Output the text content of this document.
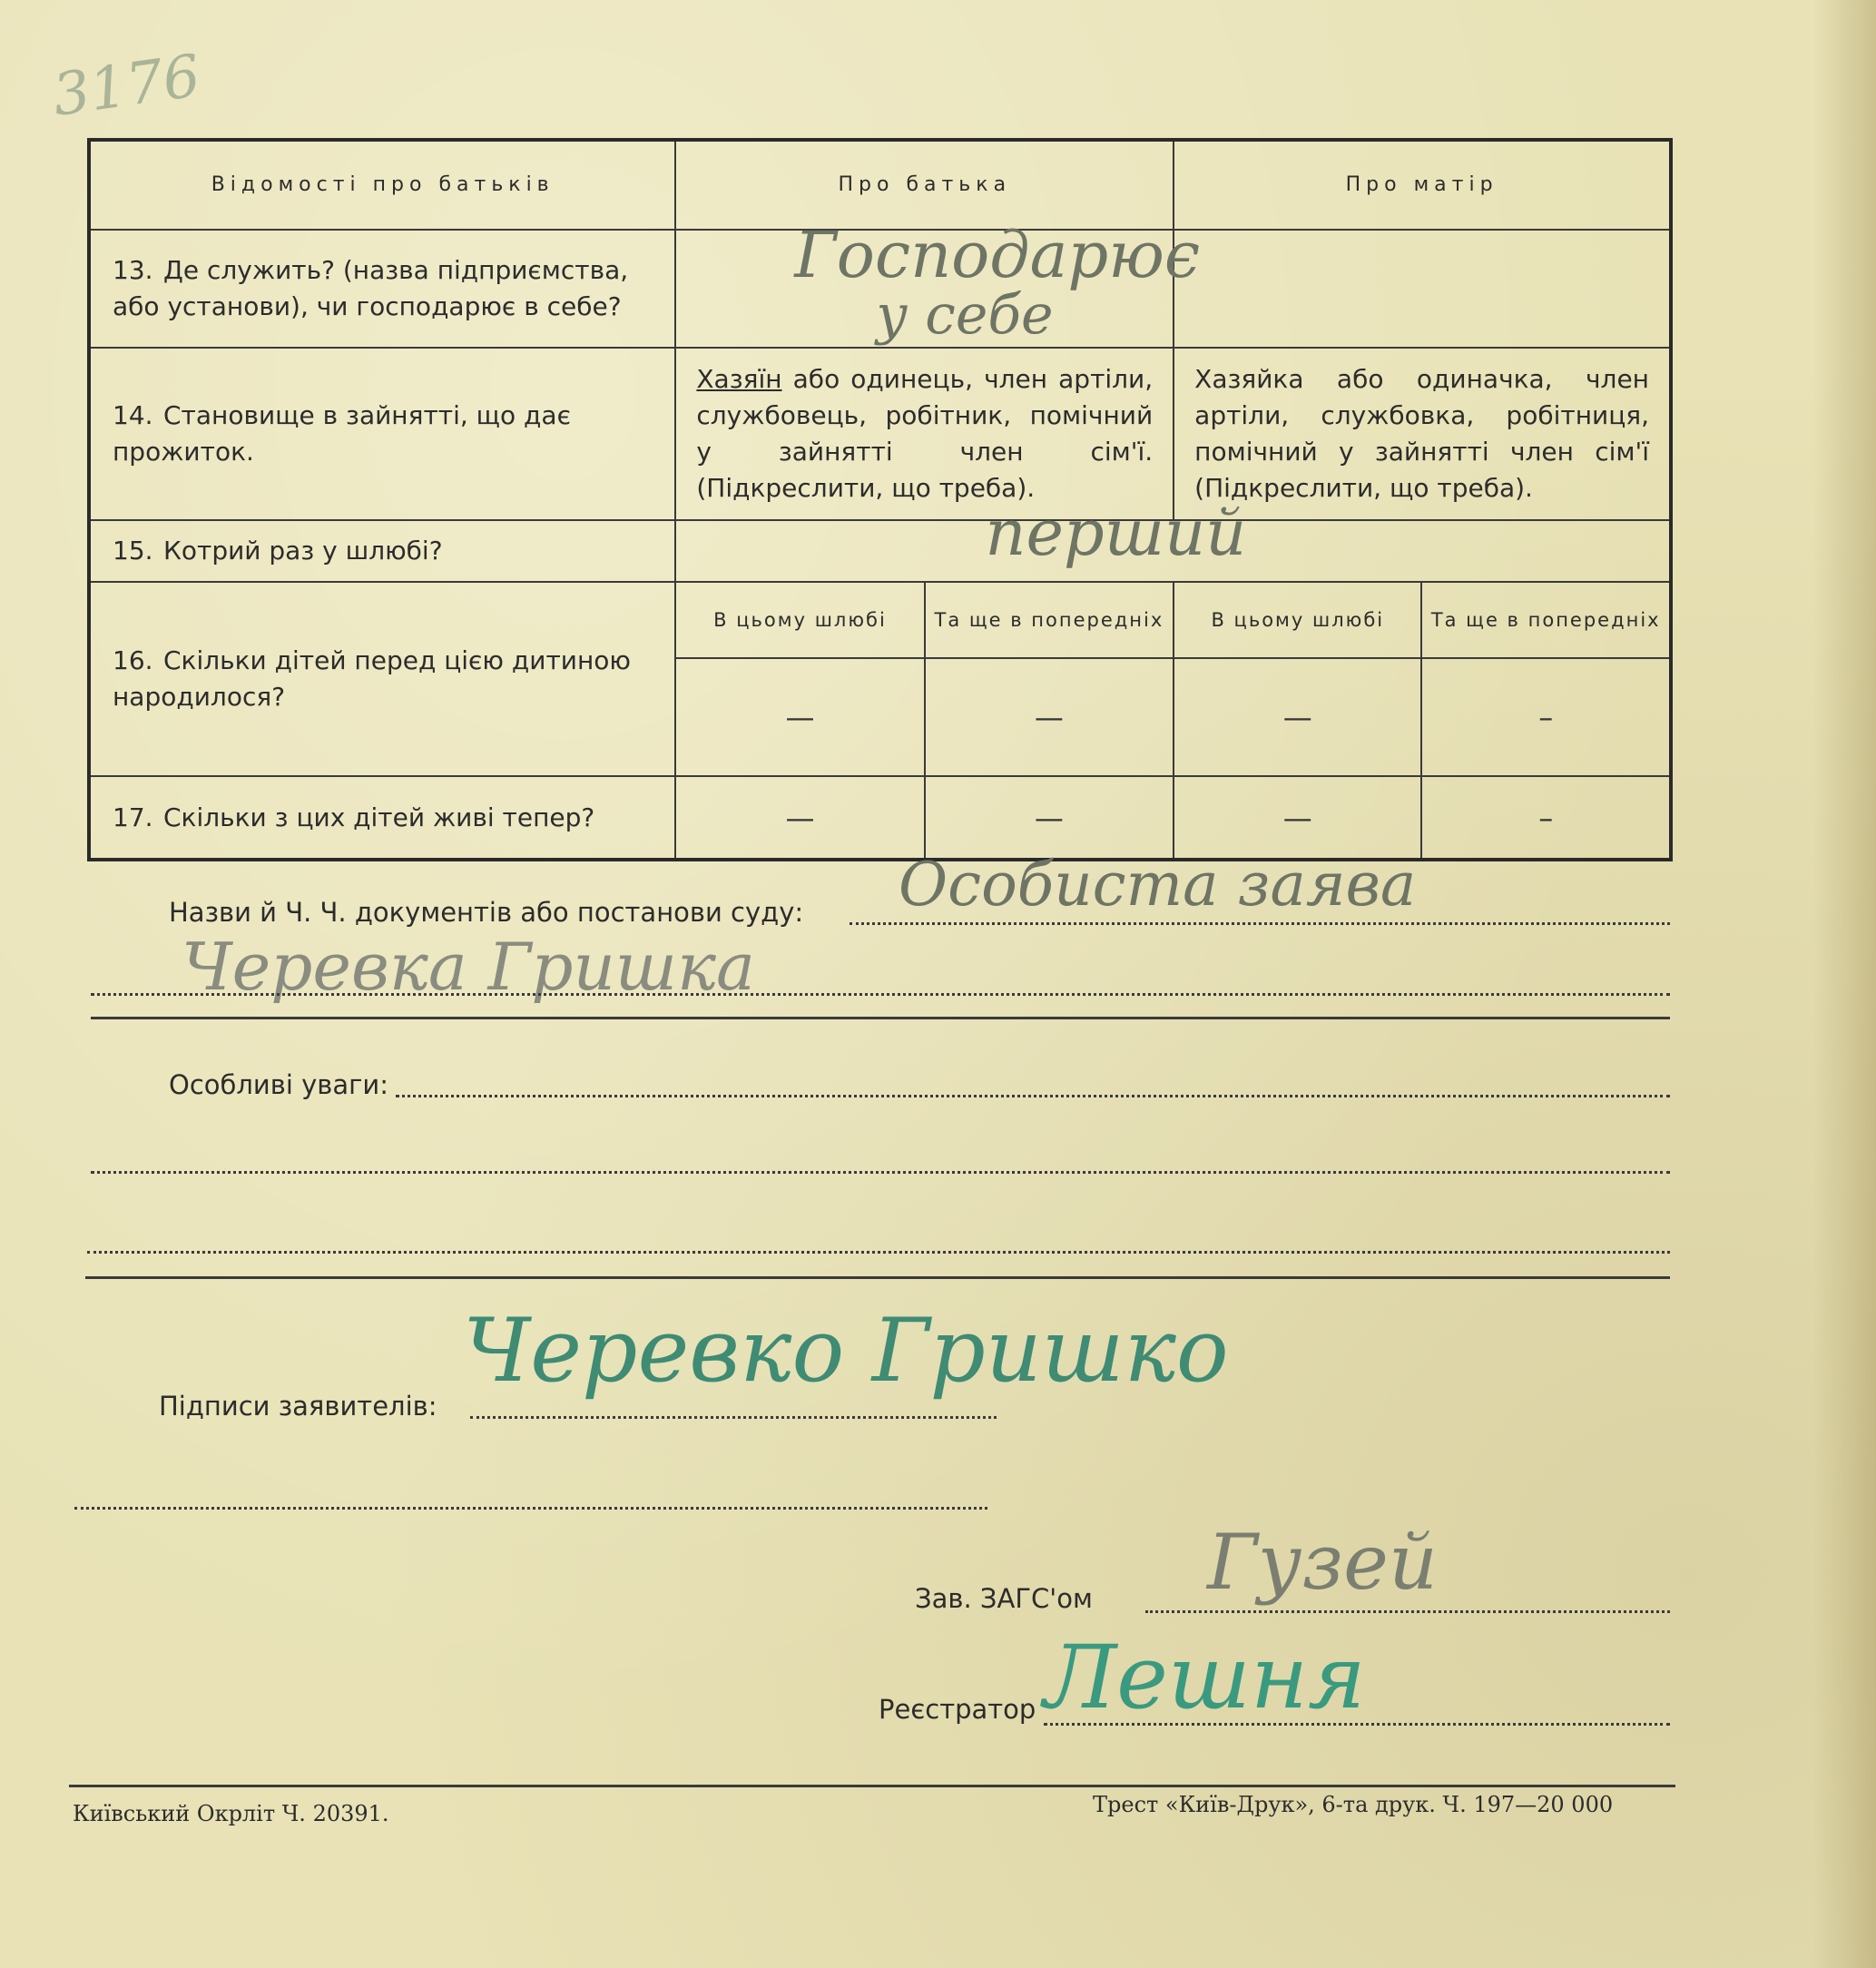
3176
Відомості про батьків	Про батька		Про матір	
13. Де служить? (назва підприємства, або установи), чи господарює в себе?	Господарює
у себе			

14. Становище в зайнятті, що дає прожиток.	Хазяїн або одинець, член артіли, службовець, робітник, помічний у зайнятті член сім'ї. (Підкреслити, що треба).		Хазяйка або одиначка, член артіли, службовка, робітниця, помічний у зайнятті член сім'ї (Підкреслити, що треба).	
15. Котрий раз у шлюбі?	перший			

16. Скільки дітей перед цією дитиною народилося?	В цьому шлюбі	Та ще в попередніх	В цьому шлюбі	Та ще в попередніх
	—	—	—	–
17. Скільки з цих дітей живі тепер?	—	—	—	–
Назви й Ч. Ч. документів або постанови суду: Особиста заява
Черевка Гришка
Особливі уваги:
Підписи заявителів:
Черевко Гришко
Зав. ЗАГС'ом Гузей
Реєстратор Лешня
Київський Окрліт Ч. 20391.	Трест «Київ-Друк», 6-та друк. Ч. 197—20 000
